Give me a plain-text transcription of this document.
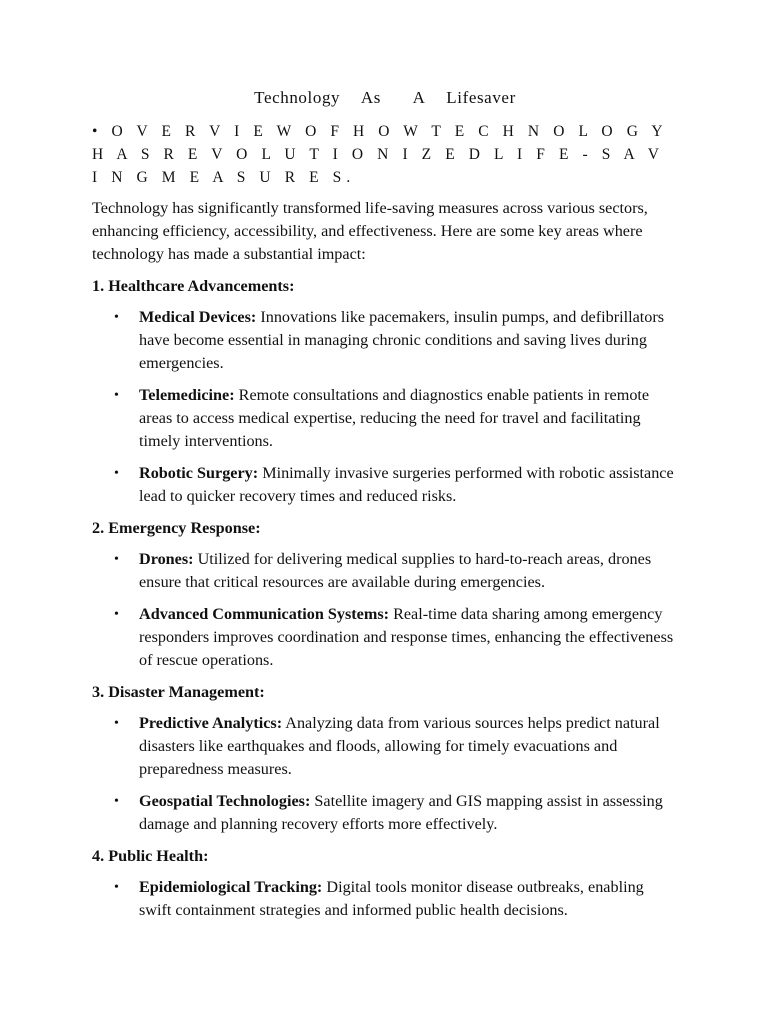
Technology  As   A  Lifesaver
• O V E R V I E W O F H O W T E C H N O L O G Y H A S R E V O L U T I O N I Z E D L I F E - S A V I N G M E A S U R E S.

Technology has significantly transformed life-saving measures across various sectors, enhancing efficiency, accessibility, and effectiveness. Here are some key areas where technology has made a substantial impact:

1. Healthcare Advancements:
• Medical Devices: Innovations like pacemakers, insulin pumps, and defibrillators have become essential in managing chronic conditions and saving lives during emergencies.
• Telemedicine: Remote consultations and diagnostics enable patients in remote areas to access medical expertise, reducing the need for travel and facilitating timely interventions.
• Robotic Surgery: Minimally invasive surgeries performed with robotic assistance lead to quicker recovery times and reduced risks.
2. Emergency Response:
• Drones: Utilized for delivering medical supplies to hard-to-reach areas, drones ensure that critical resources are available during emergencies.
• Advanced Communication Systems: Real-time data sharing among emergency responders improves coordination and response times, enhancing the effectiveness of rescue operations.
3. Disaster Management:
• Predictive Analytics: Analyzing data from various sources helps predict natural disasters like earthquakes and floods, allowing for timely evacuations and preparedness measures.
• Geospatial Technologies: Satellite imagery and GIS mapping assist in assessing damage and planning recovery efforts more effectively.
4. Public Health:
• Epidemiological Tracking: Digital tools monitor disease outbreaks, enabling swift containment strategies and informed public health decisions.
